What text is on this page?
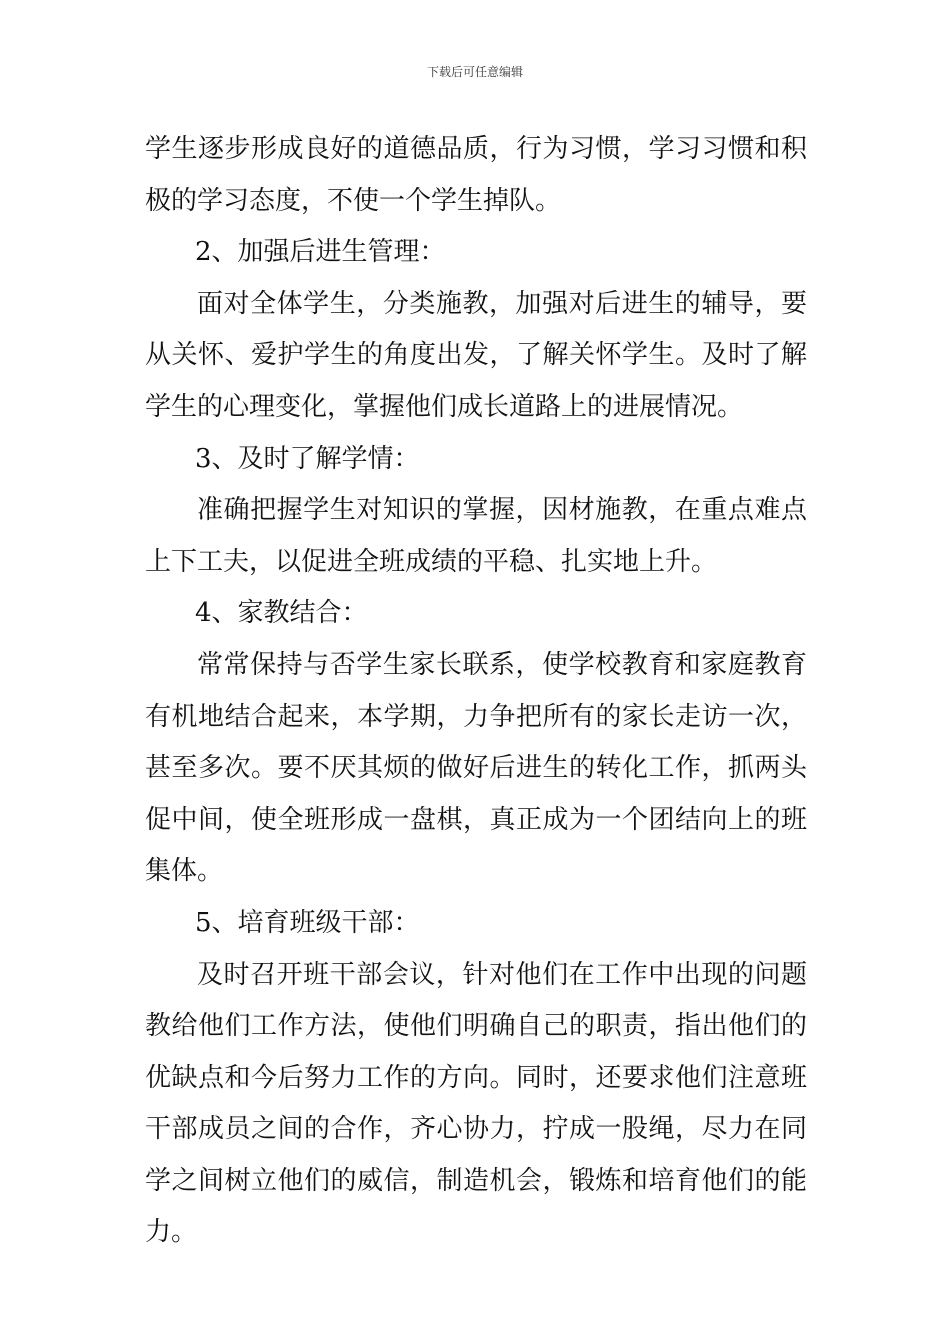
下载后可任意编辑
学生逐步形成良好的道德品质，行为习惯，学习习惯和积
极的学习态度，不使一个学生掉队。
2、加强后进生管理：
面对全体学生，分类施教，加强对后进生的辅导，要
从关怀、爱护学生的角度出发，了解关怀学生。及时了解
学生的心理变化，掌握他们成长道路上的进展情况。
3、及时了解学情：
准确把握学生对知识的掌握，因材施教，在重点难点
上下工夫，以促进全班成绩的平稳、扎实地上升。
4、家教结合：
常常保持与否学生家长联系，使学校教育和家庭教育
有机地结合起来，本学期，力争把所有的家长走访一次，
甚至多次。要不厌其烦的做好后进生的转化工作，抓两头
促中间，使全班形成一盘棋，真正成为一个团结向上的班
集体。
5、培育班级干部：
及时召开班干部会议，针对他们在工作中出现的问题
教给他们工作方法，使他们明确自己的职责，指出他们的
优缺点和今后努力工作的方向。同时，还要求他们注意班
干部成员之间的合作，齐心协力，拧成一股绳，尽力在同
学之间树立他们的威信，制造机会，锻炼和培育他们的能
力。
